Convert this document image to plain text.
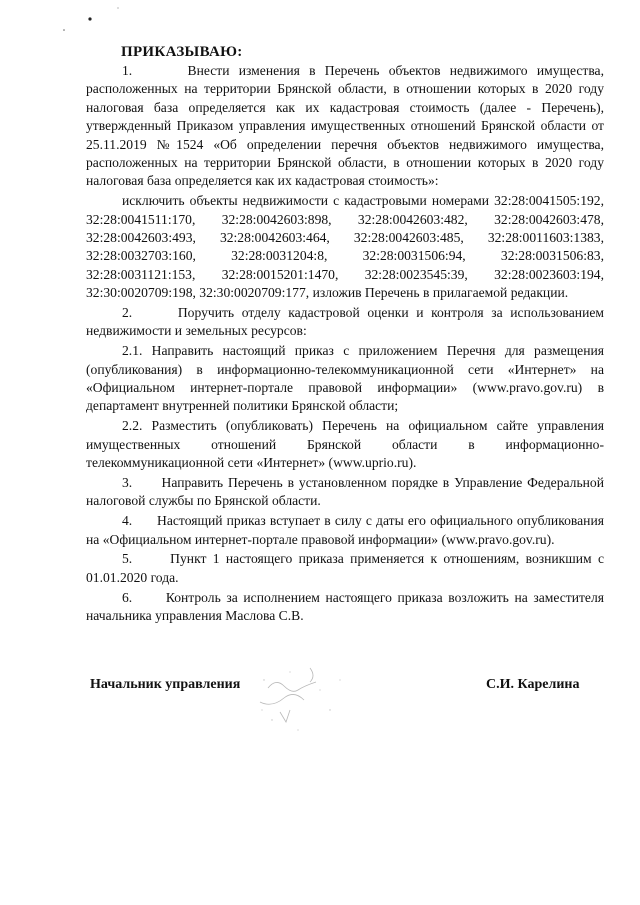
ПРИКАЗЫВАЮ:

1.      Внести изменения в Перечень объектов недвижимого имущества, расположенных на территории Брянской области, в отношении которых в 2020 году налоговая база определяется как их кадастровая стоимость (далее - Перечень), утвержденный Приказом управления имущественных отношений Брянской области от 25.11.2019 №1524 «Об определении перечня объектов недвижимого имущества, расположенных на территории Брянской области, в отношении которых в 2020 году налоговая база определяется как их кадастровая стоимость»:

исключить объекты недвижимости с кадастровыми номерами 32:28:0041505:192, 32:28:0041511:170, 32:28:0042603:898, 32:28:0042603:482, 32:28:0042603:478, 32:28:0042603:493, 32:28:0042603:464, 32:28:0042603:485, 32:28:0011603:1383, 32:28:0032703:160, 32:28:0031204:8, 32:28:0031506:94, 32:28:0031506:83, 32:28:0031121:153, 32:28:0015201:1470, 32:28:0023545:39, 32:28:0023603:194, 32:30:0020709:198, 32:30:0020709:177, изложив Перечень в прилагаемой редакции.

2.      Поручить отделу кадастровой оценки и контроля за использованием недвижимости и земельных ресурсов:

2.1. Направить настоящий приказ с приложением Перечня для размещения (опубликования) в информационно-телекоммуникационной сети «Интернет» на «Официальном интернет-портале правовой информации» (www.pravo.gov.ru) в департамент внутренней политики Брянской области;

2.2. Разместить (опубликовать) Перечень на официальном сайте управления имущественных отношений Брянской области в информационно-телекоммуникационной сети «Интернет» (www.uprio.ru).

3.      Направить Перечень в установленном порядке в Управление Федеральной налоговой службы по Брянской области.

4.      Настоящий приказ вступает в силу с даты его официального опубликования на «Официальном интернет-портале правовой информации» (www.pravo.gov.ru).

5.      Пункт 1 настоящего приказа применяется к отношениям, возникшим с 01.01.2020 года.

6.      Контроль за исполнением настоящего приказа возложить на заместителя начальника управления Маслова С.В.

Начальник управления	С.И. Карелина
